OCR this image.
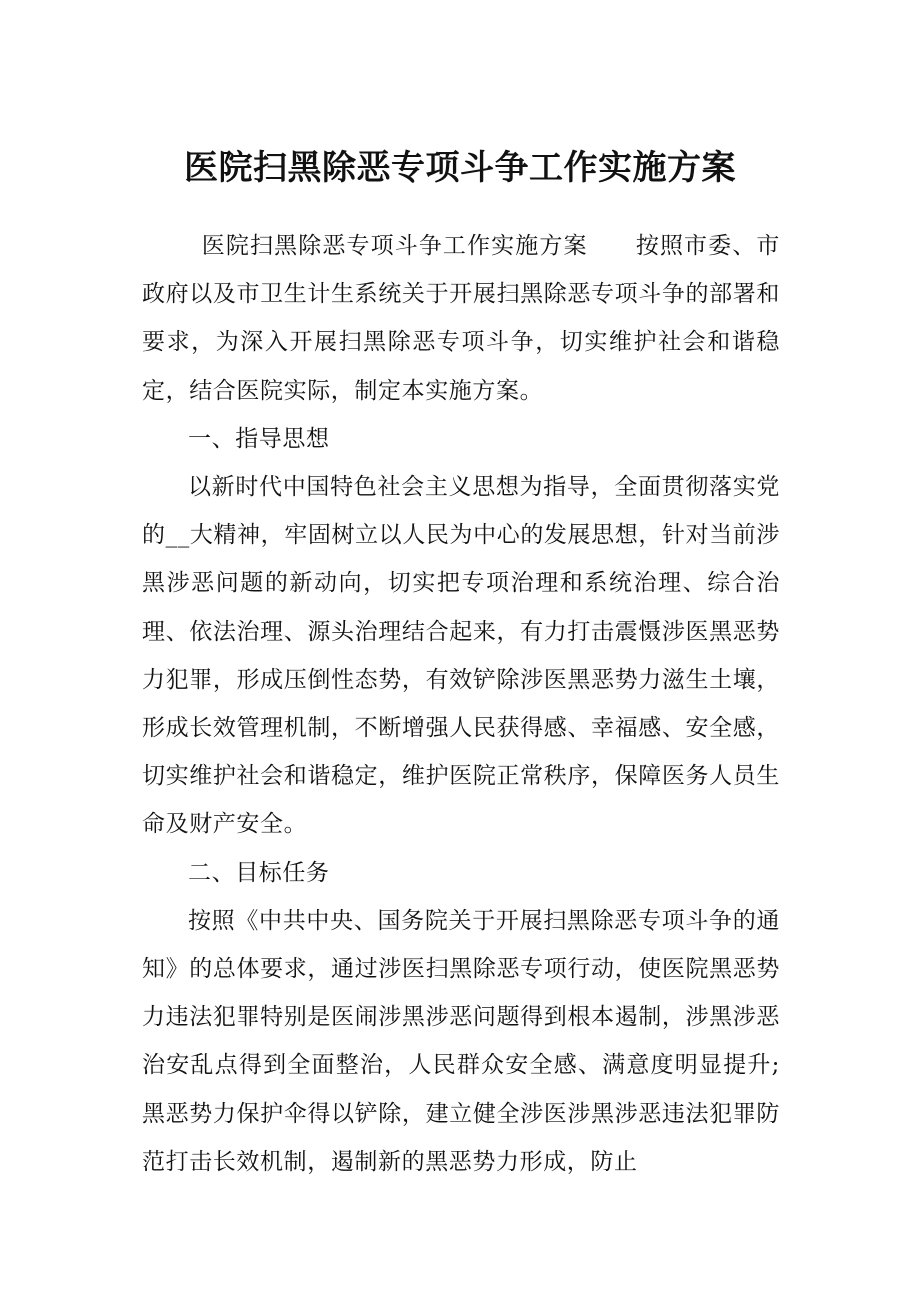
医院扫黑除恶专项斗争工作实施方案

医院扫黑除恶专项斗争工作实施方案　　按照市委、市政府以及市卫生计生系统关于开展扫黑除恶专项斗争的部署和要求，为深入开展扫黑除恶专项斗争，切实维护社会和谐稳定，结合医院实际，制定本实施方案。

一、指导思想

以新时代中国特色社会主义思想为指导，全面贯彻落实党的__大精神，牢固树立以人民为中心的发展思想，针对当前涉黑涉恶问题的新动向，切实把专项治理和系统治理、综合治理、依法治理、源头治理结合起来，有力打击震慑涉医黑恶势力犯罪，形成压倒性态势，有效铲除涉医黑恶势力滋生土壤，形成长效管理机制，不断增强人民获得感、幸福感、安全感，切实维护社会和谐稳定，维护医院正常秩序，保障医务人员生命及财产安全。

二、目标任务

按照《中共中央、国务院关于开展扫黑除恶专项斗争的通知》的总体要求，通过涉医扫黑除恶专项行动，使医院黑恶势力违法犯罪特别是医闹涉黑涉恶问题得到根本遏制，涉黑涉恶治安乱点得到全面整治，人民群众安全感、满意度明显提升;黑恶势力保护伞得以铲除，建立健全涉医涉黑涉恶违法犯罪防范打击长效机制，遏制新的黑恶势力形成，防止
